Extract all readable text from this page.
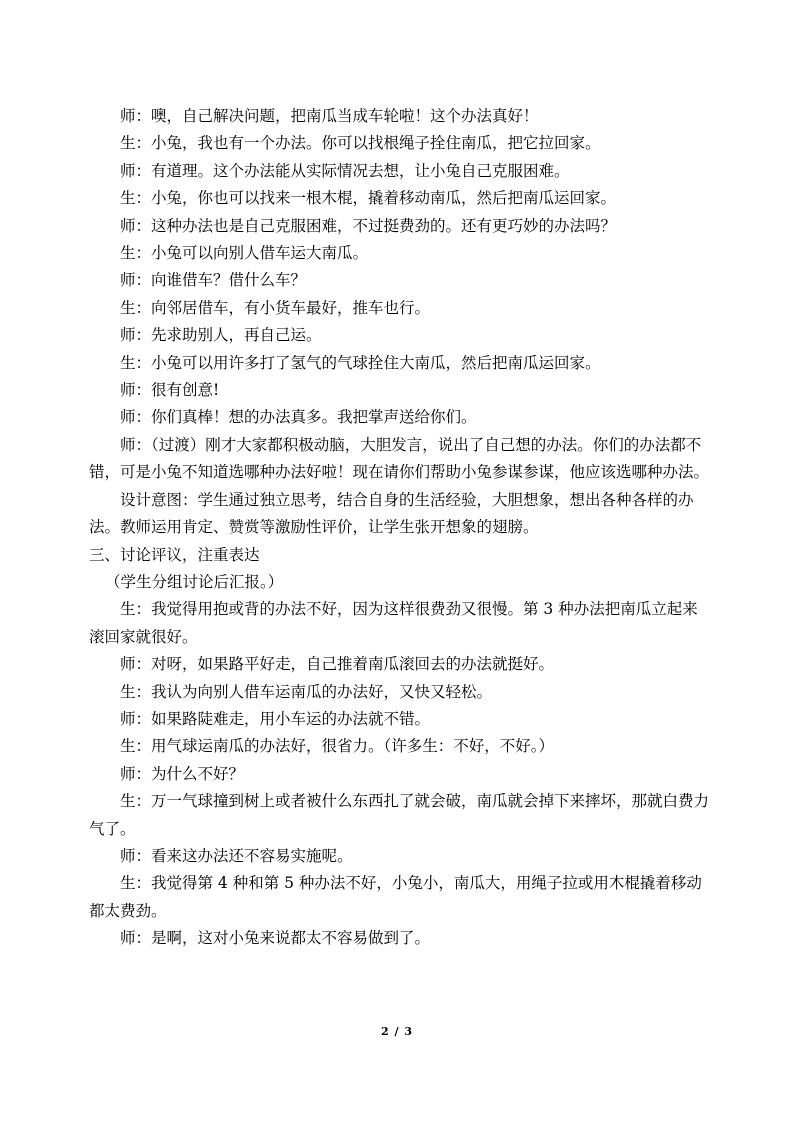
师：噢，自己解决问题，把南瓜当成车轮啦！这个办法真好！

生：小兔，我也有一个办法。你可以找根绳子拴住南瓜，把它拉回家。

师：有道理。这个办法能从实际情况去想，让小兔自己克服困难。

生：小兔，你也可以找来一根木棍，撬着移动南瓜，然后把南瓜运回家。

师：这种办法也是自己克服困难，不过挺费劲的。还有更巧妙的办法吗？

生：小兔可以向别人借车运大南瓜。

师：向谁借车？借什么车？

生：向邻居借车，有小货车最好，推车也行。

师：先求助别人，再自己运。

生：小兔可以用许多打了氢气的气球拴住大南瓜，然后把南瓜运回家。

师：很有创意!

师：你们真棒！想的办法真多。我把掌声送给你们。

师：（过渡）刚才大家都积极动脑，大胆发言，说出了自己想的办法。你们的办法都不错，可是小兔不知道选哪种办法好啦！现在请你们帮助小兔参谋参谋，他应该选哪种办法。

设计意图：学生通过独立思考，结合自身的生活经验，大胆想象，想出各种各样的办法。教师运用肯定、赞赏等激励性评价，让学生张开想象的翅膀。

三、讨论评议，注重表达

（学生分组讨论后汇报。）

生：我觉得用抱或背的办法不好，因为这样很费劲又很慢。第 3 种办法把南瓜立起来滚回家就很好。

师：对呀，如果路平好走，自己推着南瓜滚回去的办法就挺好。

生：我认为向别人借车运南瓜的办法好，又快又轻松。

师：如果路陡难走，用小车运的办法就不错。

生：用气球运南瓜的办法好，很省力。（许多生：不好，不好。）

师：为什么不好？

生：万一气球撞到树上或者被什么东西扎了就会破，南瓜就会掉下来摔坏，那就白费力气了。

师：看来这办法还不容易实施呢。

生：我觉得第 4 种和第 5 种办法不好，小兔小，南瓜大，用绳子拉或用木棍撬着移动都太费劲。

师：是啊，这对小兔来说都太不容易做到了。

2 / 3
